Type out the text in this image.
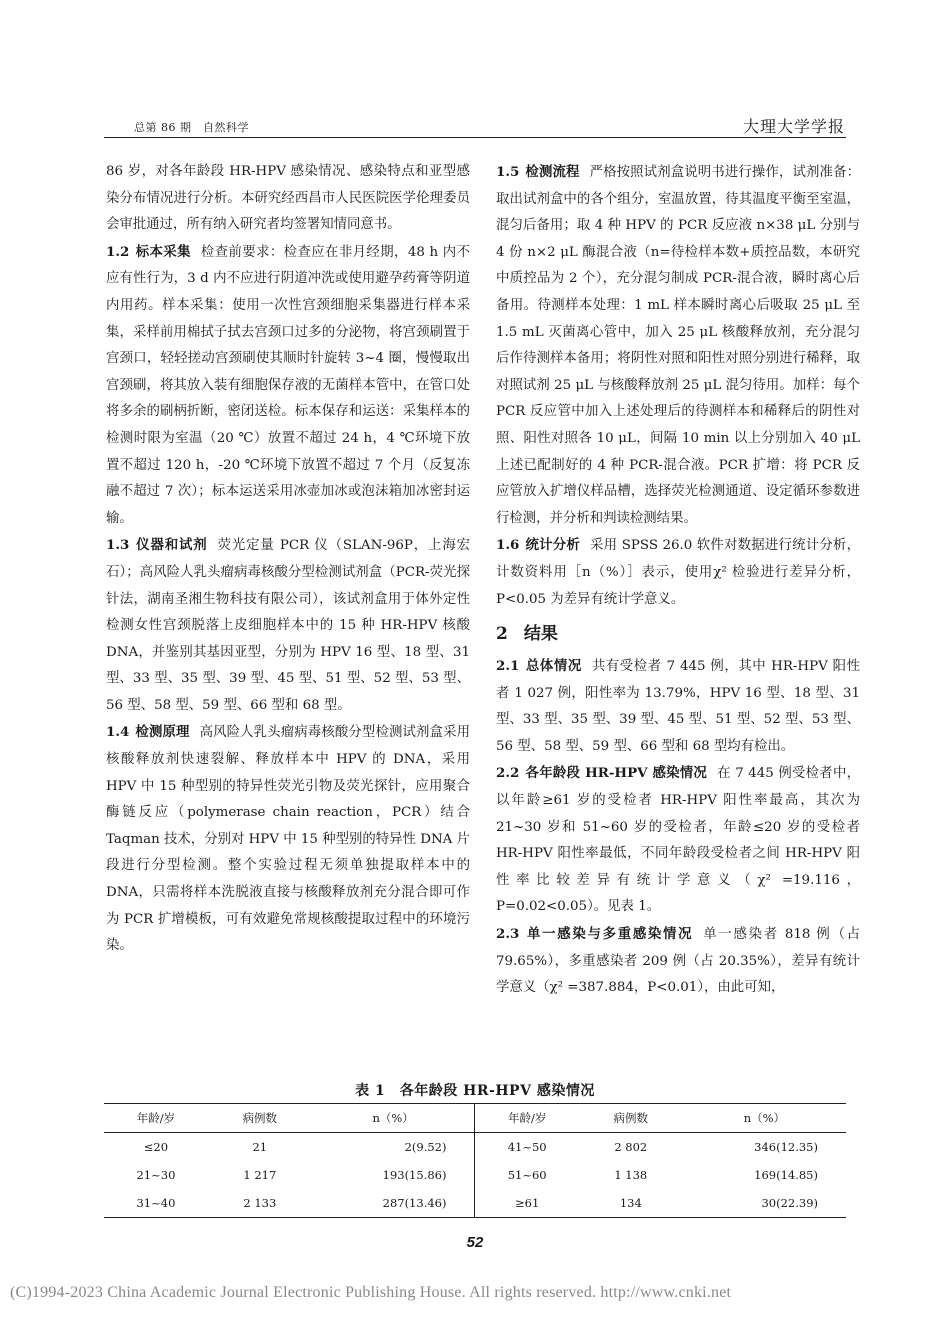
总第 86 期　自然科学	大理大学学报

86 岁，对各年龄段 HR-HPV 感染情况、感染特点和亚型感染分布情况进行分析。本研究经西昌市人民医院医学伦理委员会审批通过，所有纳入研究者均签署知情同意书。

1.2 标本采集 检查前要求：检查应在非月经期，48 h 内不应有性行为，3 d 内不应进行阴道冲洗或使用避孕药膏等阴道内用药。样本采集：使用一次性宫颈细胞采集器进行样本采集，采样前用棉拭子拭去宫颈口过多的分泌物，将宫颈刷置于宫颈口，轻轻搓动宫颈刷使其顺时针旋转 3~4 圈，慢慢取出宫颈刷，将其放入装有细胞保存液的无菌样本管中，在管口处将多余的刷柄折断，密闭送检。标本保存和运送：采集样本的检测时限为室温（20 ℃）放置不超过 24 h，4 ℃环境下放置不超过 120 h，-20 ℃环境下放置不超过 7 个月（反复冻融不超过 7 次）；标本运送采用冰壶加冰或泡沫箱加冰密封运输。

1.3 仪器和试剂 荧光定量 PCR 仪（SLAN-96P，上海宏石）；高风险人乳头瘤病毒核酸分型检测试剂盒（PCR-荧光探针法，湖南圣湘生物科技有限公司），该试剂盒用于体外定性检测女性宫颈脱落上皮细胞样本中的 15 种 HR-HPV 核酸 DNA，并鉴别其基因亚型，分别为 HPV 16 型、18 型、31 型、33 型、35 型、39 型、45 型、51 型、52 型、53 型、56 型、58 型、59 型、66 型和 68 型。

1.4 检测原理 高风险人乳头瘤病毒核酸分型检测试剂盒采用核酸释放剂快速裂解、释放样本中 HPV 的 DNA，采用 HPV 中 15 种型别的特异性荧光引物及荧光探针，应用聚合酶链反应（polymerase chain reaction，PCR）结合 Taqman 技术，分别对 HPV 中 15 种型别的特异性 DNA 片段进行分型检测。整个实验过程无须单独提取样本中的 DNA，只需将样本洗脱液直接与核酸释放剂充分混合即可作为 PCR 扩增模板，可有效避免常规核酸提取过程中的环境污染。

1.5 检测流程 严格按照试剂盒说明书进行操作，试剂准备：取出试剂盒中的各个组分，室温放置，待其温度平衡至室温，混匀后备用；取 4 种 HPV 的 PCR 反应液 n×38 μL 分别与 4 份 n×2 μL 酶混合液（n=待检样本数+质控品数，本研究中质控品为 2 个），充分混匀制成 PCR-混合液，瞬时离心后备用。待测样本处理：1 mL 样本瞬时离心后吸取 25 μL 至 1.5 mL 灭菌离心管中，加入 25 μL 核酸释放剂，充分混匀后作待测样本备用；将阴性对照和阳性对照分别进行稀释，取对照试剂 25 μL 与核酸释放剂 25 μL 混匀待用。加样：每个 PCR 反应管中加入上述处理后的待测样本和稀释后的阴性对照、阳性对照各 10 μL，间隔 10 min 以上分别加入 40 μL 上述已配制好的 4 种 PCR-混合液。PCR 扩增：将 PCR 反应管放入扩增仪样品槽，选择荧光检测通道、设定循环参数进行检测，并分析和判读检测结果。

1.6 统计分析 采用 SPSS 26.0 软件对数据进行统计分析，计数资料用［n（%）］表示，使用χ² 检验进行差异分析，P<0.05 为差异有统计学意义。

2 结果

2.1 总体情况 共有受检者 7 445 例，其中 HR-HPV 阳性者 1 027 例，阳性率为 13.79%，HPV 16 型、18 型、31 型、33 型、35 型、39 型、45 型、51 型、52 型、53 型、56 型、58 型、59 型、66 型和 68 型均有检出。

2.2 各年龄段 HR-HPV 感染情况 在 7 445 例受检者中，以年龄≥61 岁的受检者 HR-HPV 阳性率最高，其次为 21~30 岁和 51~60 岁的受检者，年龄≤20 岁的受检者 HR-HPV 阳性率最低，不同年龄段受检者之间 HR-HPV 阳性率比较差异有统计学意义（χ² =19.116，P=0.02<0.05）。见表 1。

2.3 单一感染与多重感染情况 单一感染者 818 例（占 79.65%），多重感染者 209 例（占 20.35%），差异有统计学意义（χ² =387.884，P<0.01），由此可知，

表 1　各年龄段 HR-HPV 感染情况
年龄/岁	病例数	n（%）	年龄/岁	病例数	n（%）
≤20	21	2(9.52)	41~50	2 802	346(12.35)
21~30	1 217	193(15.86)	51~60	1 138	169(14.85)
31~40	2 133	287(13.46)	≥61	134	30(22.39)
52
(C)1994-2023 China Academic Journal Electronic Publishing House. All rights reserved. http://www.cnki.net
